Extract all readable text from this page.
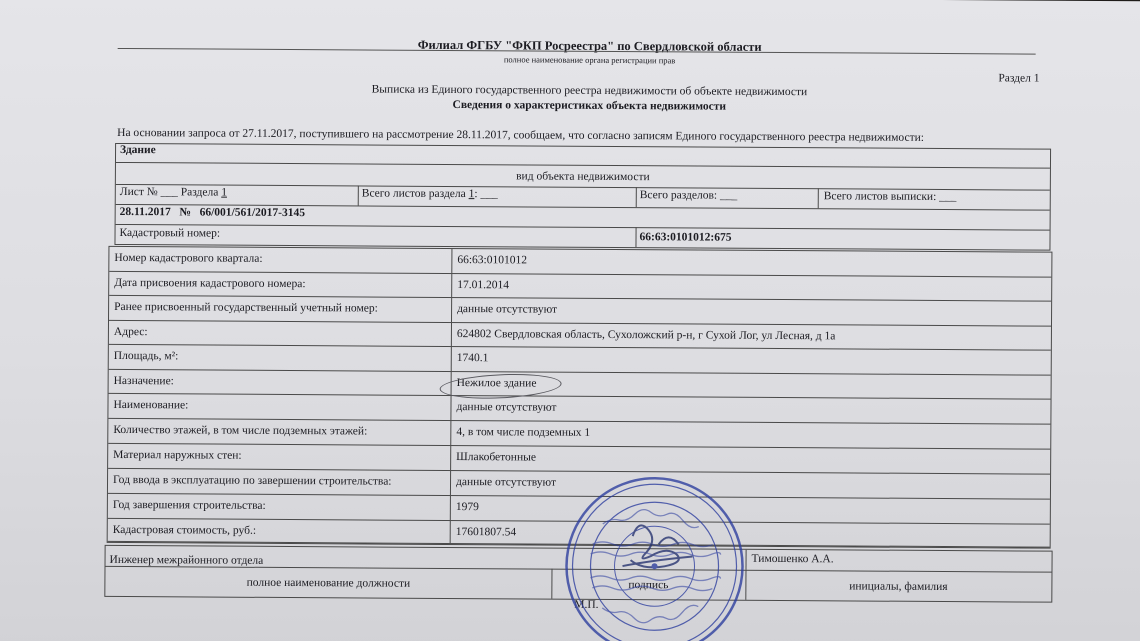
Филиал ФГБУ "ФКП Росреестра" по Свердловской области
полное наименование органа регистрации прав
Раздел 1
Выписка из Единого государственного реестра недвижимости об объекте недвижимости
Сведения о характеристиках объекта недвижимости
На основании запроса от 27.11.2017, поступившего на рассмотрение 28.11.2017, сообщаем, что согласно записям Единого государственного реестра недвижимости:
Здание
вид объекта недвижимости
Лист № ___ Раздела 1	Всего листов раздела 1: ___	Всего разделов: ___	Всего листов выписки: ___
28.11.2017 № 66/001/561/2017-3145
Кадастровый номер:	66:63:0101012:675
Номер кадастрового квартала:	66:63:0101012
Дата присвоения кадастрового номера:	17.01.2014
Ранее присвоенный государственный учетный номер:	данные отсутствуют
Адрес:	624802 Свердловская область, Сухоложский р-н, г Сухой Лог, ул Лесная, д 1а
Площадь, м²:	1740.1
Назначение:	Нежилое здание
Наименование:	данные отсутствуют
Количество этажей, в том числе подземных этажей:	4, в том числе подземных 1
Материал наружных стен:	Шлакобетонные
Год ввода в эксплуатацию по завершении строительства:	данные отсутствуют
Год завершения строительства:	1979
Кадастровая стоимость, руб.:	17601807.54
Инженер межрайонного отдела	Тимошенко А.А.
полное наименование должности	подпись	инициалы, фамилия
М.П.
